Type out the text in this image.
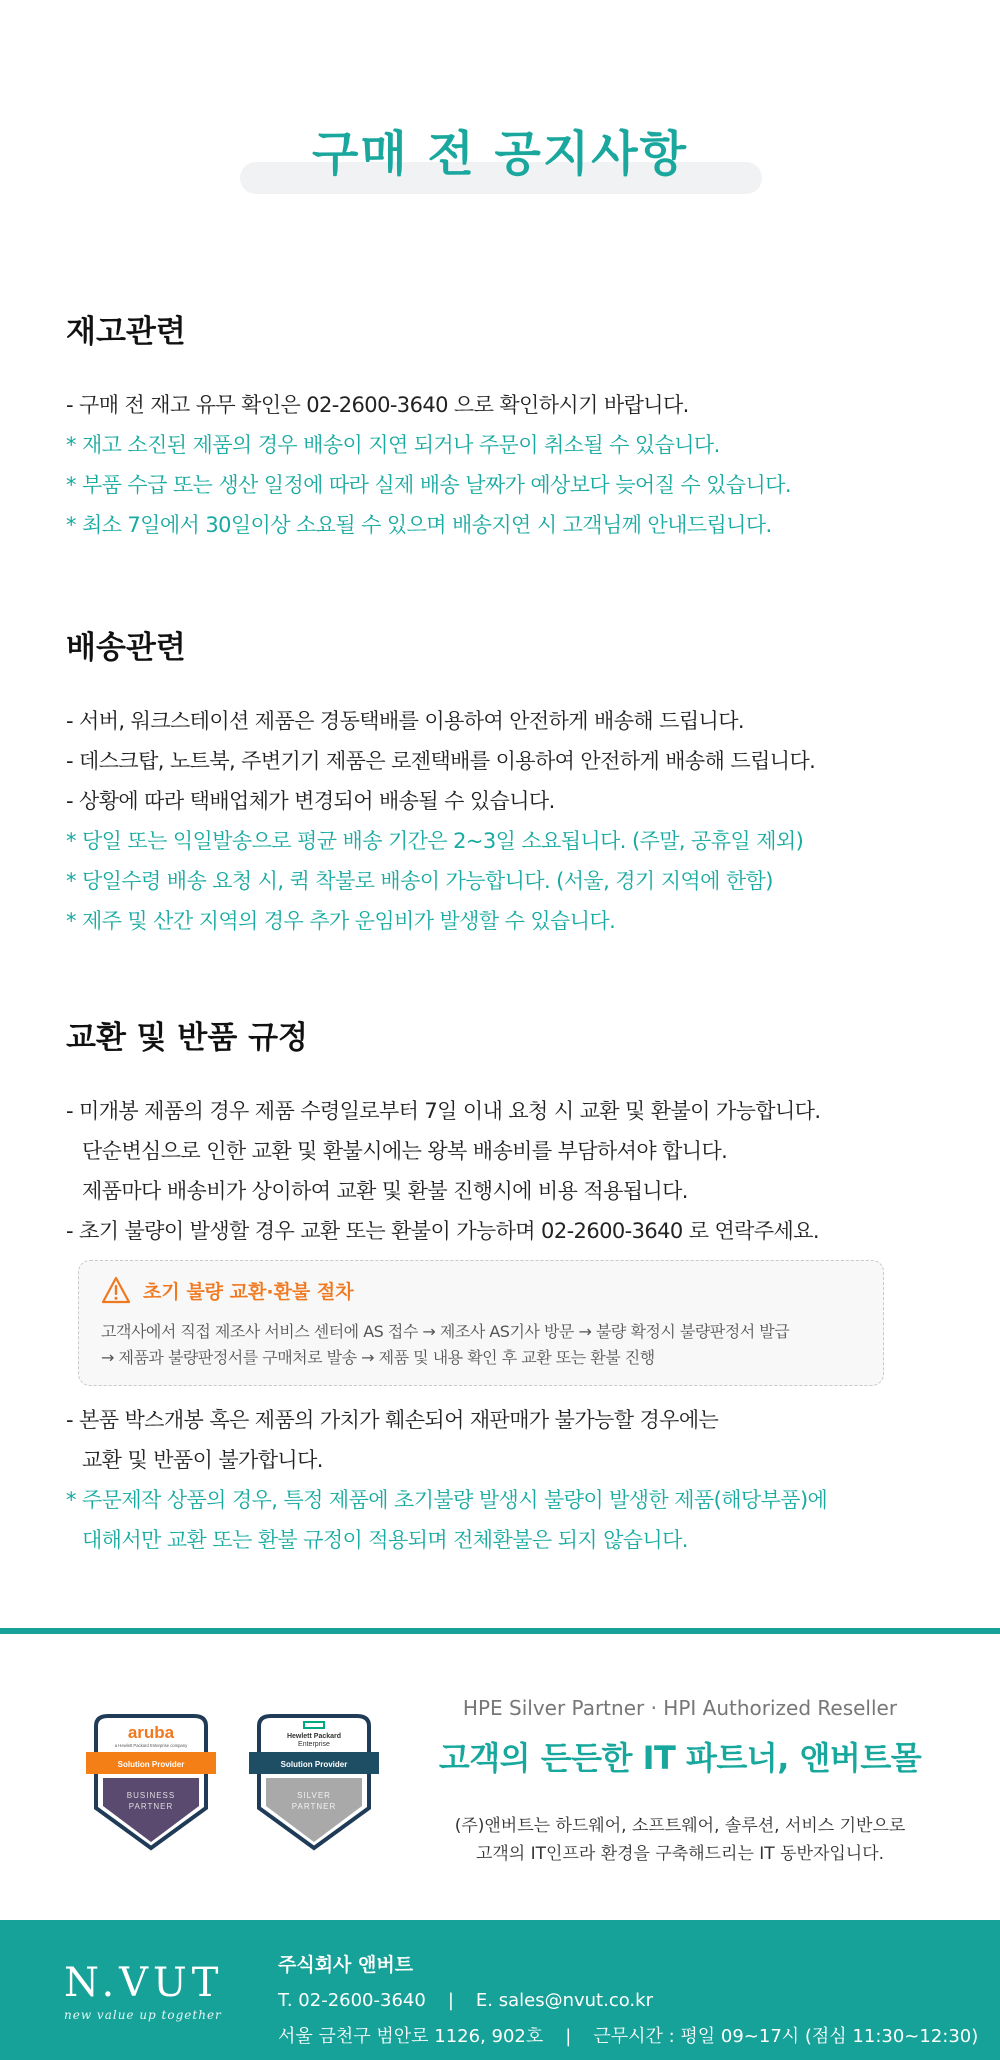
구매 전 공지사항
재고관련
- 구매 전 재고 유무 확인은 02-2600-3640 으로 확인하시기 바랍니다.
* 재고 소진된 제품의 경우 배송이 지연 되거나 주문이 취소될 수 있습니다.
* 부품 수급 또는 생산 일정에 따라 실제 배송 날짜가 예상보다 늦어질 수 있습니다.
* 최소 7일에서 30일이상 소요될 수 있으며 배송지연 시 고객님께 안내드립니다.
배송관련
- 서버, 워크스테이션 제품은 경동택배를 이용하여 안전하게 배송해 드립니다.
- 데스크탑, 노트북, 주변기기 제품은 로젠택배를 이용하여 안전하게 배송해 드립니다.
- 상황에 따라 택배업체가 변경되어 배송될 수 있습니다.
* 당일 또는 익일발송으로 평균 배송 기간은 2~3일 소요됩니다. (주말, 공휴일 제외)
* 당일수령 배송 요청 시, 퀵 착불로 배송이 가능합니다. (서울, 경기 지역에 한함)
* 제주 및 산간 지역의 경우 추가 운임비가 발생할 수 있습니다.
교환 및 반품 규정
- 미개봉 제품의 경우 제품 수령일로부터 7일 이내 요청 시 교환 및 환불이 가능합니다.
단순변심으로 인한 교환 및 환불시에는 왕복 배송비를 부담하셔야 합니다.
제품마다 배송비가 상이하여 교환 및 환불 진행시에 비용 적용됩니다.
- 초기 불량이 발생할 경우 교환 또는 환불이 가능하며 02-2600-3640 로 연락주세요.
초기 불량 교환·환불 절차
고객사에서 직접 제조사 서비스 센터에 AS 접수 → 제조사 AS기사 방문 → 불량 확정시 불량판정서 발급
→ 제품과 불량판정서를 구매처로 발송 → 제품 및 내용 확인 후 교환 또는 환불 진행
- 본품 박스개봉 혹은 제품의 가치가 훼손되어 재판매가 불가능할 경우에는
교환 및 반품이 불가합니다.
* 주문제작 상품의 경우, 특정 제품에 초기불량 발생시 불량이 발생한 제품(해당부품)에
대해서만 교환 또는 환불 규정이 적용되며 전체환불은 되지 않습니다.
aruba
a Hewlett Packard Enterprise company
Solution Provider
BUSINESS
PARTNER
Hewlett Packard
Enterprise
Solution Provider
SILVER
PARTNER
HPE Silver Partner · HPI Authorized Reseller
고객의 든든한 IT 파트너, 앤버트몰
(주)앤버트는 하드웨어, 소프트웨어, 솔루션, 서비스 기반으로
고객의 IT인프라 환경을 구축해드리는 IT 동반자입니다.
N.VUT
new value up together
주식회사 앤버트
T. 02-2600-3640 | E. sales@nvut.co.kr
서울 금천구 범안로 1126, 902호 | 근무시간 : 평일 09~17시 (점심 11:30~12:30)
